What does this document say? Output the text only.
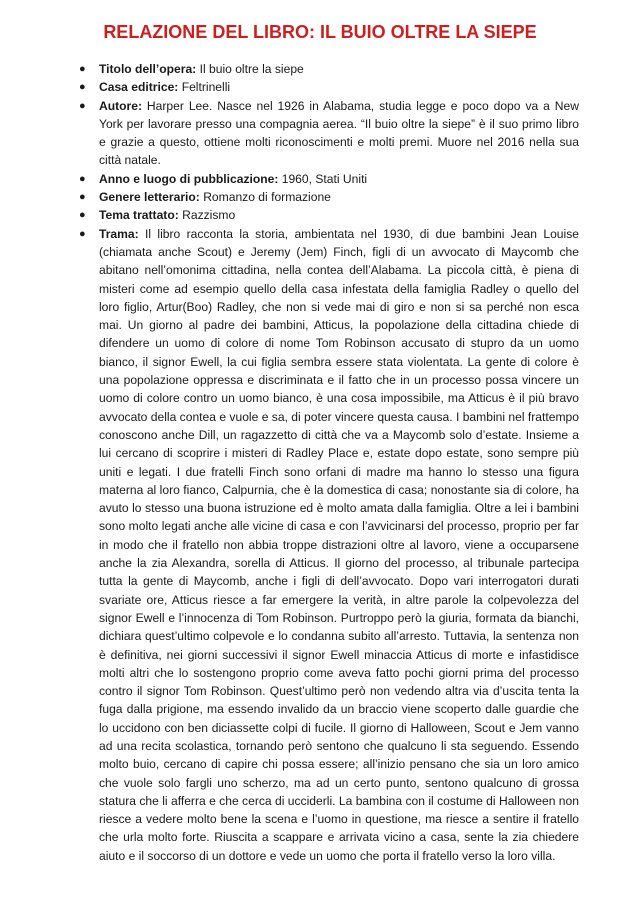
RELAZIONE DEL LIBRO: IL BUIO OLTRE LA SIEPE
● Titolo dell’opera: Il buio oltre la siepe
● Casa editrice: Feltrinelli
● Autore: Harper Lee. Nasce nel 1926 in Alabama, studia legge e poco dopo va a New York per lavorare presso una compagnia aerea. “Il buio oltre la siepe” è il suo primo libro e grazie a questo, ottiene molti riconoscimenti e molti premi. Muore nel 2016 nella sua città natale.
● Anno e luogo di pubblicazione: 1960, Stati Uniti
● Genere letterario: Romanzo di formazione
● Tema trattato: Razzismo
● Trama: Il libro racconta la storia, ambientata nel 1930, di due bambini Jean Louise (chiamata anche Scout) e Jeremy (Jem) Finch, figli di un avvocato di Maycomb che abitano nell’omonima cittadina, nella contea dell’Alabama. La piccola città, è piena di misteri come ad esempio quello della casa infestata della famiglia Radley o quello del loro figlio, Artur(Boo) Radley, che non si vede mai di giro e non si sa perché non esca mai. Un giorno al padre dei bambini, Atticus, la popolazione della cittadina chiede di difendere un uomo di colore di nome Tom Robinson accusato di stupro da un uomo bianco, il signor Ewell, la cui figlia sembra essere stata violentata. La gente di colore è una popolazione oppressa e discriminata e il fatto che in un processo possa vincere un uomo di colore contro un uomo bianco, è una cosa impossibile, ma Atticus è il più bravo avvocato della contea e vuole e sa, di poter vincere questa causa. I bambini nel frattempo conoscono anche Dill, un ragazzetto di città che va a Maycomb solo d’estate. Insieme a lui cercano di scoprire i misteri di Radley Place e, estate dopo estate, sono sempre più uniti e legati. I due fratelli Finch sono orfani di madre ma hanno lo stesso una figura materna al loro fianco, Calpurnia, che è la domestica di casa; nonostante sia di colore, ha avuto lo stesso una buona istruzione ed è molto amata dalla famiglia. Oltre a lei i bambini sono molto legati anche alle vicine di casa e con l’avvicinarsi del processo, proprio per far in modo che il fratello non abbia troppe distrazioni oltre al lavoro, viene a occuparsene anche la zia Alexandra, sorella di Atticus. Il giorno del processo, al tribunale partecipa tutta la gente di Maycomb, anche i figli di dell’avvocato. Dopo vari interrogatori durati svariate ore, Atticus riesce a far emergere la verità, in altre parole la colpevolezza del signor Ewell e l’innocenza di Tom Robinson. Purtroppo però la giuria, formata da bianchi, dichiara quest’ultimo colpevole e lo condanna subito all’arresto. Tuttavia, la sentenza non è definitiva, nei giorni successivi il signor Ewell minaccia Atticus di morte e infastidisce molti altri che lo sostengono proprio come aveva fatto pochi giorni prima del processo contro il signor Tom Robinson. Quest’ultimo però non vedendo altra via d’uscita tenta la fuga dalla prigione, ma essendo invalido da un braccio viene scoperto dalle guardie che lo uccidono con ben diciassette colpi di fucile. Il giorno di Halloween, Scout e Jem vanno ad una recita scolastica, tornando però sentono che qualcuno li sta seguendo. Essendo molto buio, cercano di capire chi possa essere; all’inizio pensano che sia un loro amico che vuole solo fargli uno scherzo, ma ad un certo punto, sentono qualcuno di grossa statura che li afferra e che cerca di ucciderli. La bambina con il costume di Halloween non riesce a vedere molto bene la scena e l’uomo in questione, ma riesce a sentire il fratello che urla molto forte. Riuscita a scappare e arrivata vicino a casa, sente la zia chiedere aiuto e il soccorso di un dottore e vede un uomo che porta il fratello verso la loro villa.
